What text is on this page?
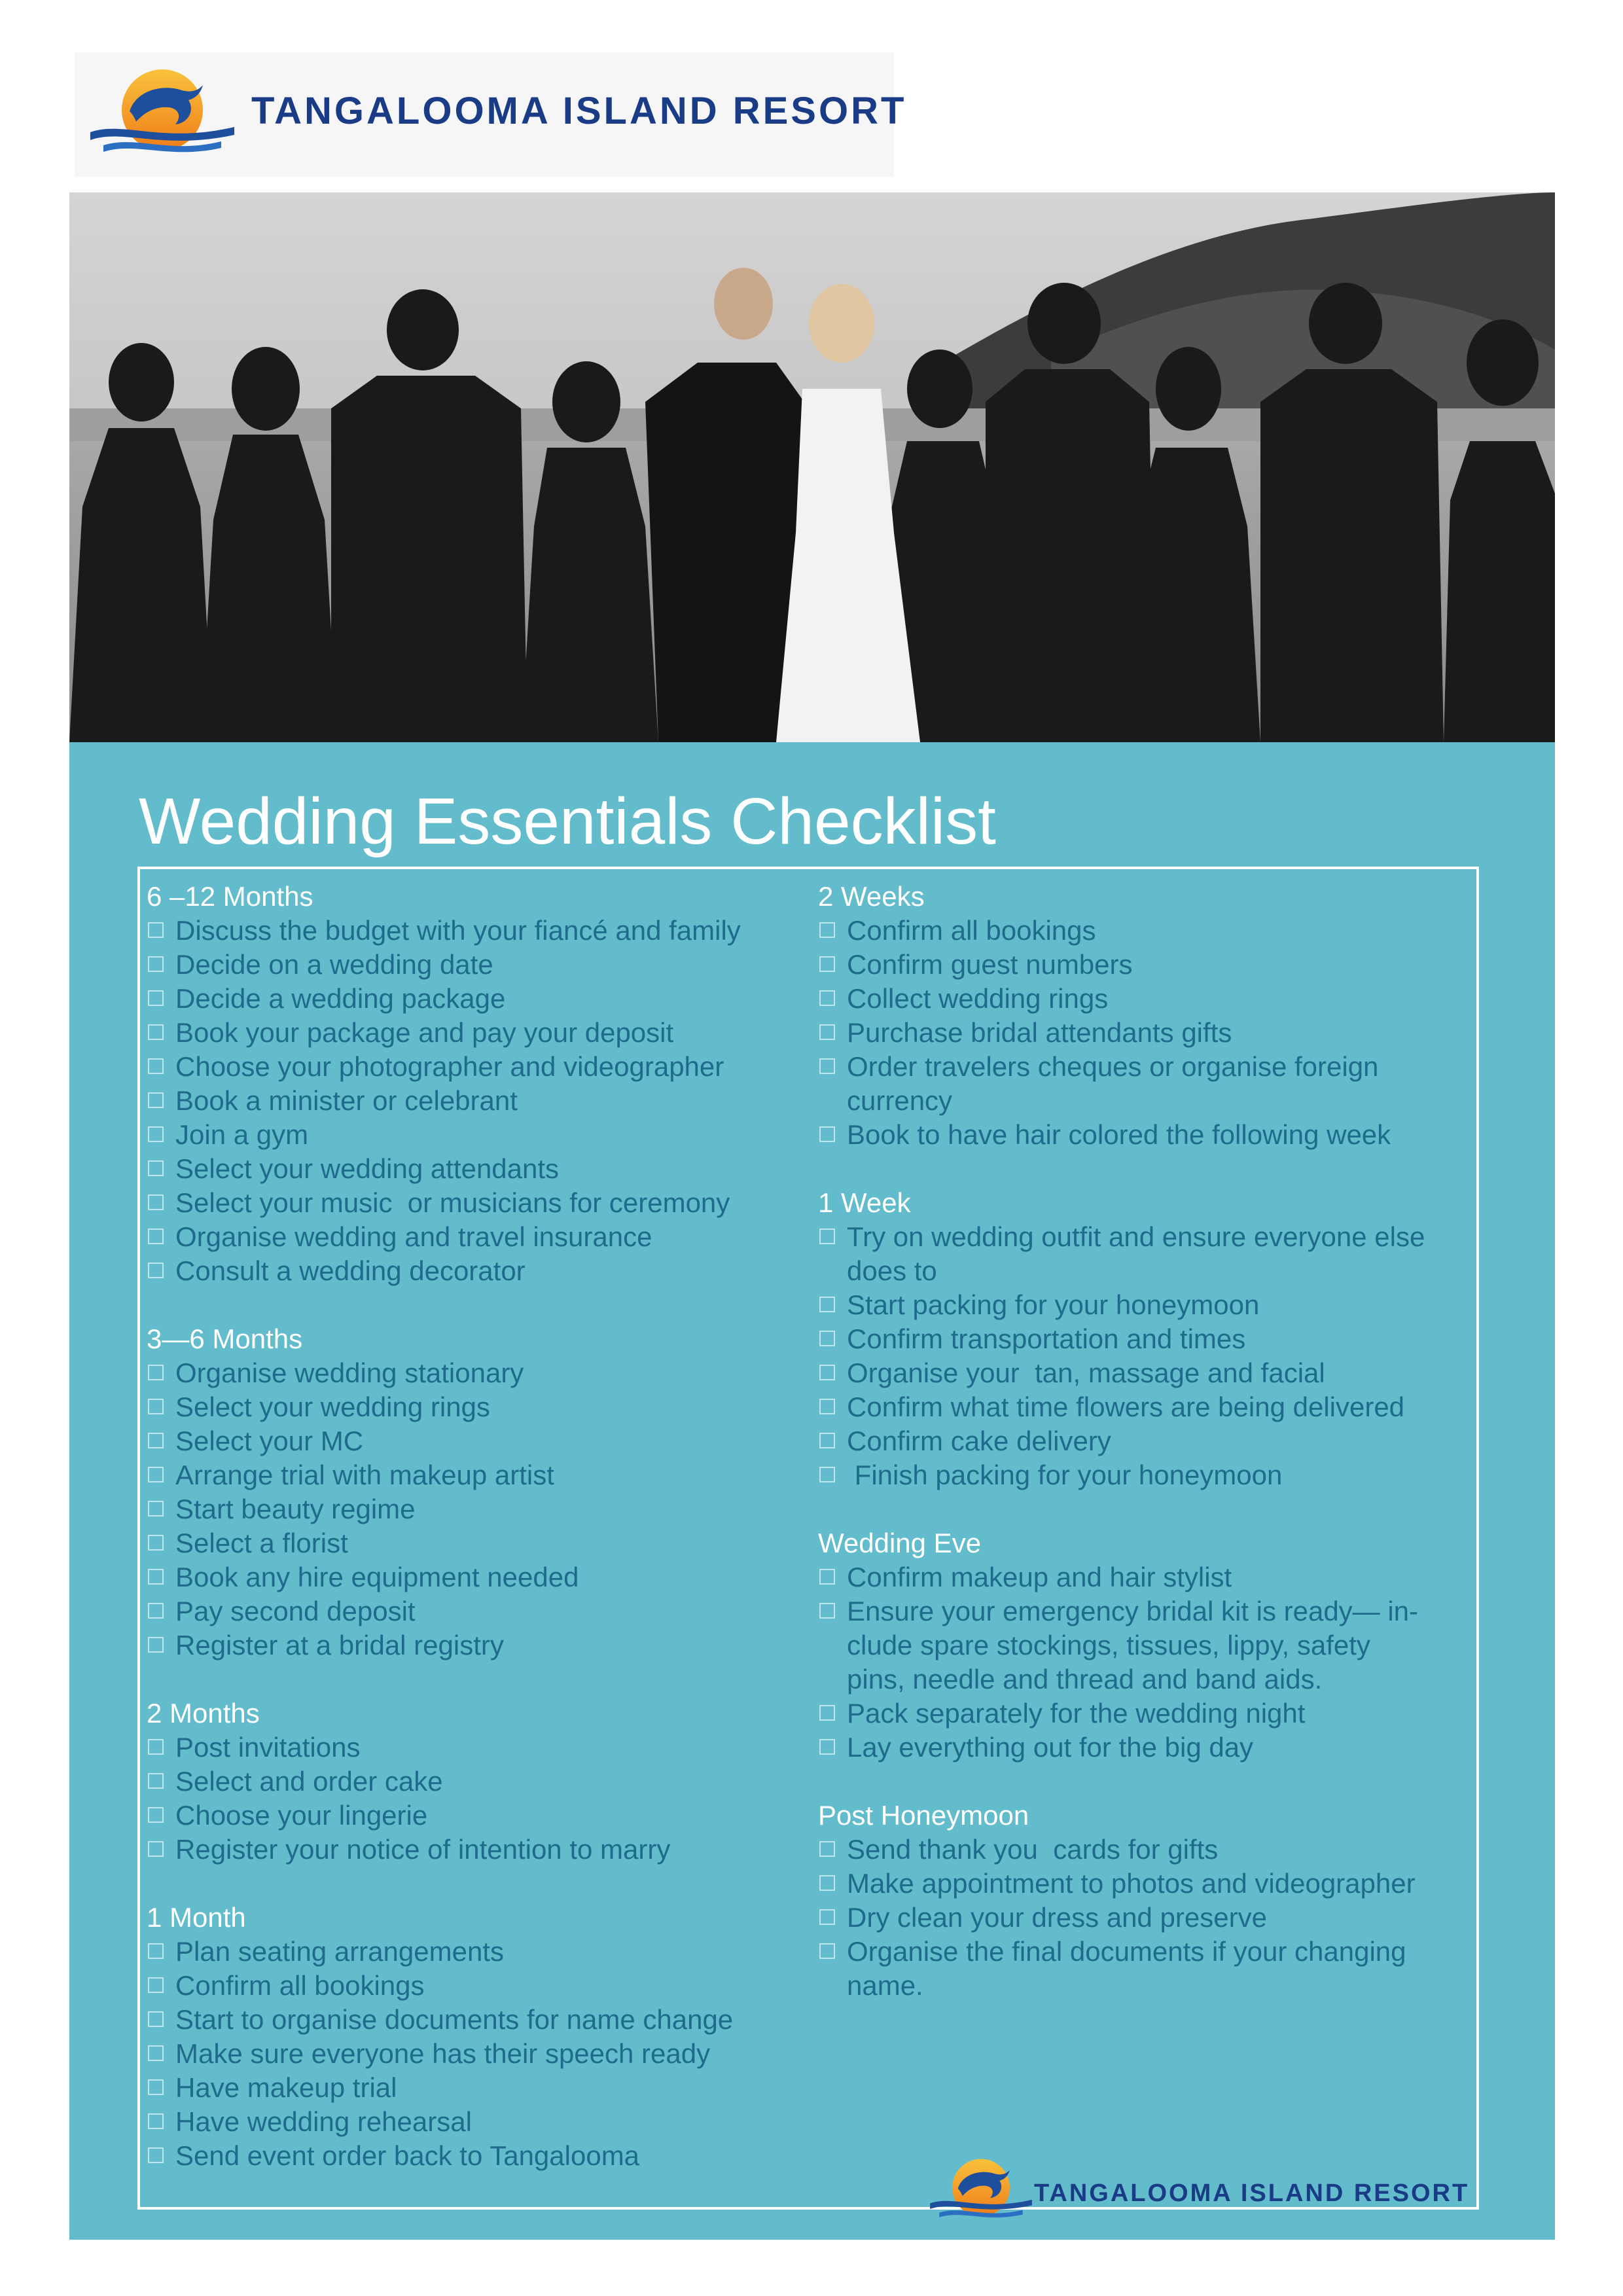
TANGALOOMA ISLAND RESORT
Wedding Essentials Checklist
6 –12 Months
Discuss the budget with your fiancé and family
Decide on a wedding date
Decide a wedding package
Book your package and pay your deposit
Choose your photographer and videographer
Book a minister or celebrant
Join a gym
Select your wedding attendants
Select your music  or musicians for ceremony
Organise wedding and travel insurance
Consult a wedding decorator
3—6 Months
Organise wedding stationary
Select your wedding rings
Select your MC
Arrange trial with makeup artist
Start beauty regime
Select a florist
Book any hire equipment needed
Pay second deposit
Register at a bridal registry
2 Months
Post invitations
Select and order cake
Choose your lingerie
Register your notice of intention to marry
1 Month
Plan seating arrangements
Confirm all bookings
Start to organise documents for name change
Make sure everyone has their speech ready
Have makeup trial
Have wedding rehearsal
Send event order back to Tangalooma
2 Weeks
Confirm all bookings
Confirm guest numbers
Collect wedding rings
Purchase bridal attendants gifts
Order travelers cheques or organise foreign
currency
Book to have hair colored the following week
1 Week
Try on wedding outfit and ensure everyone else
does to
Start packing for your honeymoon
Confirm transportation and times
Organise your  tan, massage and facial
Confirm what time flowers are being delivered
Confirm cake delivery
Finish packing for your honeymoon
Wedding Eve
Confirm makeup and hair stylist
Ensure your emergency bridal kit is ready— in-
clude spare stockings, tissues, lippy, safety
pins, needle and thread and band aids.
Pack separately for the wedding night
Lay everything out for the big day
Post Honeymoon
Send thank you  cards for gifts
Make appointment to photos and videographer
Dry clean your dress and preserve
Organise the final documents if your changing
name.
TANGALOOMA ISLAND RESORT
